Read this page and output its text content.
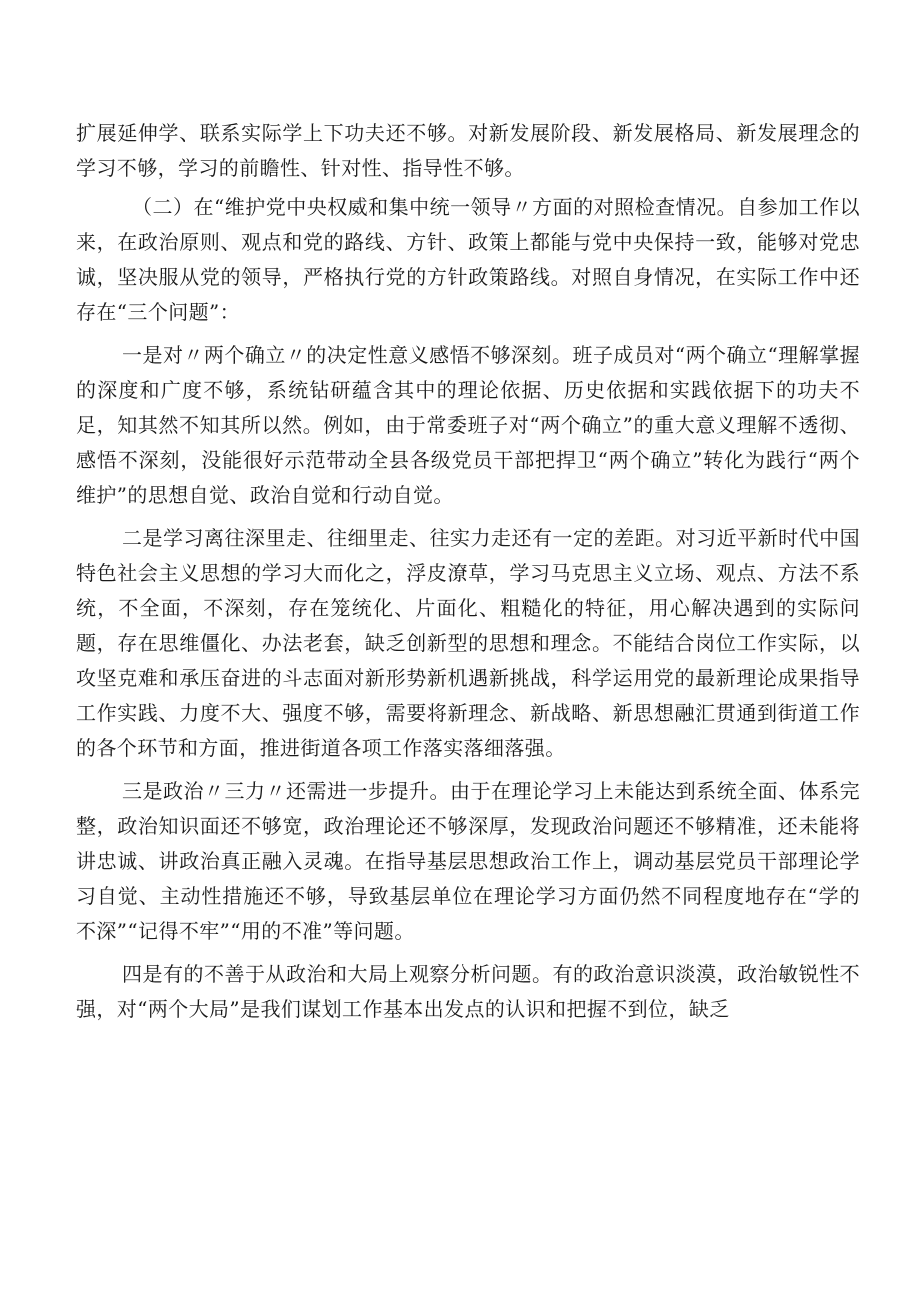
扩展延伸学、联系实际学上下功夫还不够。对新发展阶段、新发展格局、新发展理念的学习不够，学习的前瞻性、针对性、指导性不够。

（二）在“维护党中央权威和集中统一领导〃方面的对照检查情况。自参加工作以来，在政治原则、观点和党的路线、方针、政策上都能与党中央保持一致，能够对党忠诚，坚决服从党的领导，严格执行党的方针政策路线。对照自身情况，在实际工作中还存在“三个问题”：

一是对〃两个确立〃的决定性意义感悟不够深刻。班子成员对“两个确立“理解掌握的深度和广度不够，系统钻研蕴含其中的理论依据、历史依据和实践依据下的功夫不足，知其然不知其所以然。例如，由于常委班子对“两个确立”的重大意义理解不透彻、感悟不深刻，没能很好示范带动全县各级党员干部把捍卫“两个确立”转化为践行“两个维护”的思想自觉、政治自觉和行动自觉。

二是学习离往深里走、往细里走、往实力走还有一定的差距。对习近平新时代中国特色社会主义思想的学习大而化之，浮皮潦草，学习马克思主义立场、观点、方法不系统，不全面，不深刻，存在笼统化、片面化、粗糙化的特征，用心解决遇到的实际问题，存在思维僵化、办法老套，缺乏创新型的思想和理念。不能结合岗位工作实际，以攻坚克难和承压奋进的斗志面对新形势新机遇新挑战，科学运用党的最新理论成果指导工作实践、力度不大、强度不够，需要将新理念、新战略、新思想融汇贯通到街道工作的各个环节和方面，推进街道各项工作落实落细落强。

三是政治〃三力〃还需进一步提升。由于在理论学习上未能达到系统全面、体系完整，政治知识面还不够宽，政治理论还不够深厚，发现政治问题还不够精准，还未能将讲忠诚、讲政治真正融入灵魂。在指导基层思想政治工作上，调动基层党员干部理论学习自觉、主动性措施还不够，导致基层单位在理论学习方面仍然不同程度地存在“学的不深”“记得不牢”“用的不准”等问题。

四是有的不善于从政治和大局上观察分析问题。有的政治意识淡漠，政治敏锐性不强，对“两个大局”是我们谋划工作基本出发点的认识和把握不到位，缺乏
